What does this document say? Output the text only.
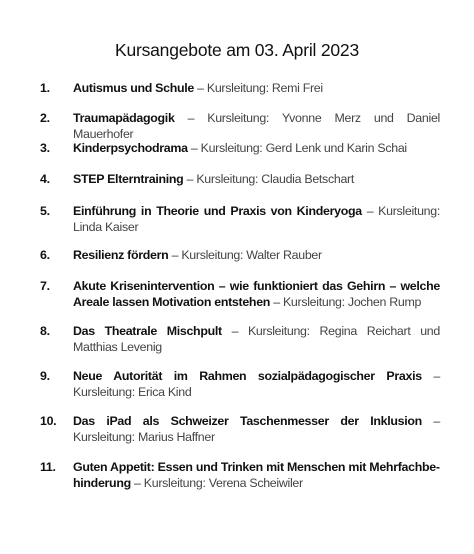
Kursangebote am 03. April 2023
1.	Autismus und Schule – Kursleitung: Remi Frei
2.	Traumapädagogik – Kursleitung: Yvonne Merz und Daniel Mauerhofer
3.	Kinderpsychodrama – Kursleitung: Gerd Lenk und Karin Schai
4.	STEP Elterntraining – Kursleitung: Claudia Betschart
5.	Einführung in Theorie und Praxis von Kinderyoga – Kursleitung: Linda Kaiser
6.	Resilienz fördern – Kursleitung: Walter Rauber
7.	Akute Krisenintervention – wie funktioniert das Gehirn – welche Areale lassen Motivation entstehen – Kursleitung: Jochen Rump
8.	Das Theatrale Mischpult – Kursleitung: Regina Reichart und Matthias Levenig
9.	Neue Autorität im Rahmen sozialpädagogischer Praxis – Kursleitung: Erica Kind
10.	Das iPad als Schweizer Taschenmesser der Inklusion – Kursleitung: Marius Haffner
11.	Guten Appetit: Essen und Trinken mit Menschen mit Mehrfachbehinderung – Kursleitung: Verena Scheiwiler
